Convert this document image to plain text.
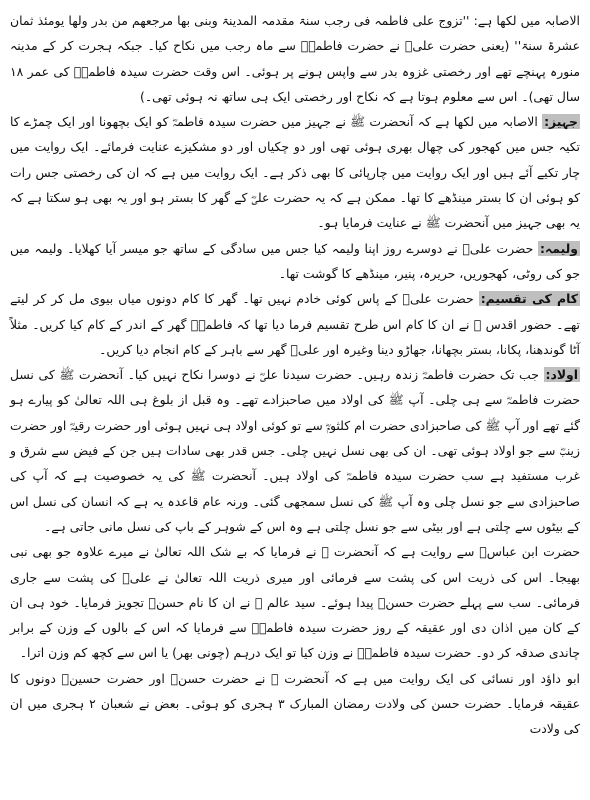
الاصابہ میں لکھا ہے: ''تزوج علی فاطمہ فی رجب سنۃ مقدمہ المدینۃ وبنی بھا مرجعھم من بدر ولھا یومئذ ثمان عشرۃ سنۃ'' (یعنی حضرت علیؓ نے حضرت فاطمہؓ سے ماہ رجب میں نکاح کیا۔ جبکہ ہجرت کر کے مدینہ منورہ پہنچے تھے اور رخصتی غزوہ بدر سے واپس ہونے پر ہوئی۔ اس وقت حضرت سیدہ فاطمہؓ کی عمر ۱۸ سال تھی)۔ اس سے معلوم ہوتا ہے کہ نکاح اور رخصتی ایک ہی ساتھ نہ ہوئی تھی۔)

جہیز: الاصابہ میں لکھا ہے کہ آنحضرت ﷺ نے جہیز میں حضرت سیدہ فاطمہؓ کو ایک بچھونا اور ایک چمڑے کا تکیہ جس میں کھجور کی چھال بھری ہوئی تھی اور دو چکیاں اور دو مشکیزے عنایت فرمائے۔ ایک روایت میں چار تکیے آئے ہیں اور ایک روایت میں چارپائی کا بھی ذکر ہے۔ ایک روایت میں ہے کہ ان کی رخصتی جس رات کو ہوئی ان کا بستر مینڈھے کا تھا۔ ممکن ہے کہ یہ حضرت علیؓ کے گھر کا بستر ہو اور یہ بھی ہو سکتا ہے کہ یہ بھی جہیز میں آنحضرت ﷺ نے عنایت فرمایا ہو۔

ولیمہ: حضرت علیؓ نے دوسرے روز اپنا ولیمہ کیا جس میں سادگی کے ساتھ جو میسر آیا کھلایا۔ ولیمہ میں جو کی روٹی، کھجوریں، حریرہ، پنیر، مینڈھے کا گوشت تھا۔

کام کی تقسیم: حضرت علیؓ کے پاس کوئی خادم نہیں تھا۔ گھر کا کام دونوں میاں بیوی مل کر کر لیتے تھے۔ حضور اقدس ﷺ نے ان کا کام اس طرح تقسیم فرما دیا تھا کہ فاطمہؓ گھر کے اندر کے کام کیا کریں۔ مثلاً آٹا گوندھنا، پکانا، بستر بچھانا، جھاڑو دینا وغیرہ اور علیؓ گھر سے باہر کے کام انجام دیا کریں۔

اولاد: جب تک حضرت فاطمہؓ زندہ رہیں۔ حضرت سیدنا علیؓ نے دوسرا نکاح نہیں کیا۔ آنحضرت ﷺ کی نسل حضرت فاطمہؓ سے ہی چلی۔ آپ ﷺ کی اولاد میں صاحبزادے تھے۔ وہ قبل از بلوغ ہی اللہ تعالیٰ کو پیارے ہو گئے تھے اور آپ ﷺ کی صاحبزادی حضرت ام کلثومؓ سے تو کوئی اولاد ہی نہیں ہوئی اور حضرت رقیہؓ اور حضرت زینبؓ سے جو اولاد ہوئی تھی۔ ان کی بھی نسل نہیں چلی۔ جس قدر بھی سادات ہیں جن کے فیض سے شرق و غرب مستفید ہے سب حضرت سیدہ فاطمہؓ کی اولاد ہیں۔ آنحضرت ﷺ کی یہ خصوصیت ہے کہ آپ کی صاحبزادی سے جو نسل چلی وہ آپ ﷺ کی نسل سمجھی گئی۔ ورنہ عام قاعدہ یہ ہے کہ انسان کی نسل اس کے بیٹوں سے چلتی ہے اور بیٹی سے جو نسل چلتی ہے وہ اس کے شوہر کے باپ کی نسل مانی جاتی ہے۔

حضرت ابن عباسؓ سے روایت ہے کہ آنحضرت ﷺ نے فرمایا کہ بے شک اللہ تعالیٰ نے میرے علاوہ جو بھی نبی بھیجا۔ اس کی ذریت اس کی پشت سے فرمائی اور میری ذریت اللہ تعالیٰ نے علیؓ کی پشت سے جاری فرمائی۔ سب سے پہلے حضرت حسنؓ پیدا ہوئے۔ سید عالم ﷺ نے ان کا نام حسنؓ تجویز فرمایا۔ خود ہی ان کے کان میں اذان دی اور عقیقہ کے روز حضرت سیدہ فاطمہؓ سے فرمایا کہ اس کے بالوں کے وزن کے برابر چاندی صدقہ کر دو۔ حضرت سیدہ فاطمہؓ نے وزن کیا تو ایک درہم (چونی بھر) یا اس سے کچھ کم وزن اترا۔

ابو داؤد اور نسائی کی ایک روایت میں ہے کہ آنحضرت ﷺ نے حضرت حسنؓ اور حضرت حسینؓ دونوں کا عقیقہ فرمایا۔ حضرت حسن کی ولادت رمضان المبارک ۳ ہجری کو ہوئی۔ بعض نے شعبان ۲ ہجری میں ان کی ولادت
